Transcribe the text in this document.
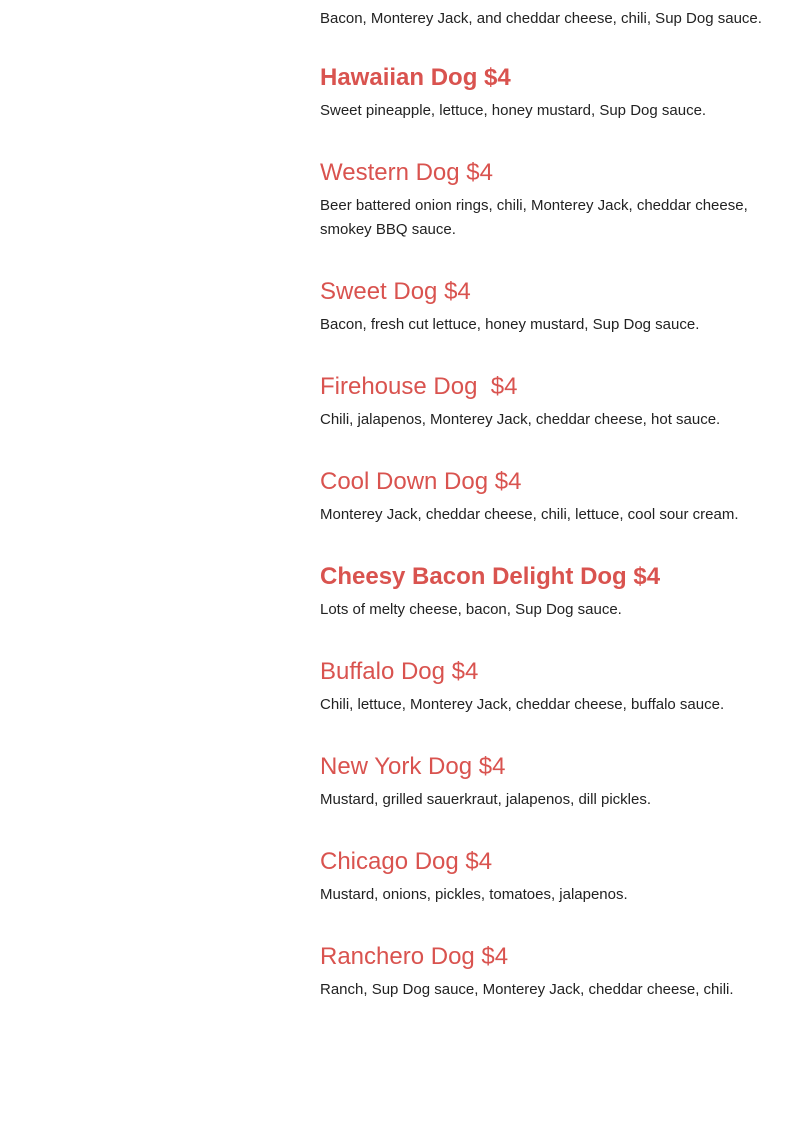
Bacon, Monterey Jack, and cheddar cheese, chili, Sup Dog sauce.

Hawaiian Dog $4

Sweet pineapple, lettuce, honey mustard, Sup Dog sauce.

Western Dog $4

Beer battered onion rings, chili, Monterey Jack, cheddar cheese, smokey BBQ sauce.

Sweet Dog $4

Bacon, fresh cut lettuce, honey mustard, Sup Dog sauce.

Firehouse Dog  $4

Chili, jalapenos, Monterey Jack, cheddar cheese, hot sauce.

Cool Down Dog $4

Monterey Jack, cheddar cheese, chili, lettuce, cool sour cream.

Cheesy Bacon Delight Dog $4

Lots of melty cheese, bacon, Sup Dog sauce.

Buffalo Dog $4

Chili, lettuce, Monterey Jack, cheddar cheese, buffalo sauce.

New York Dog $4

Mustard, grilled sauerkraut, jalapenos, dill pickles.

Chicago Dog $4

Mustard, onions, pickles, tomatoes, jalapenos.

Ranchero Dog $4

Ranch, Sup Dog sauce, Monterey Jack, cheddar cheese, chili.
